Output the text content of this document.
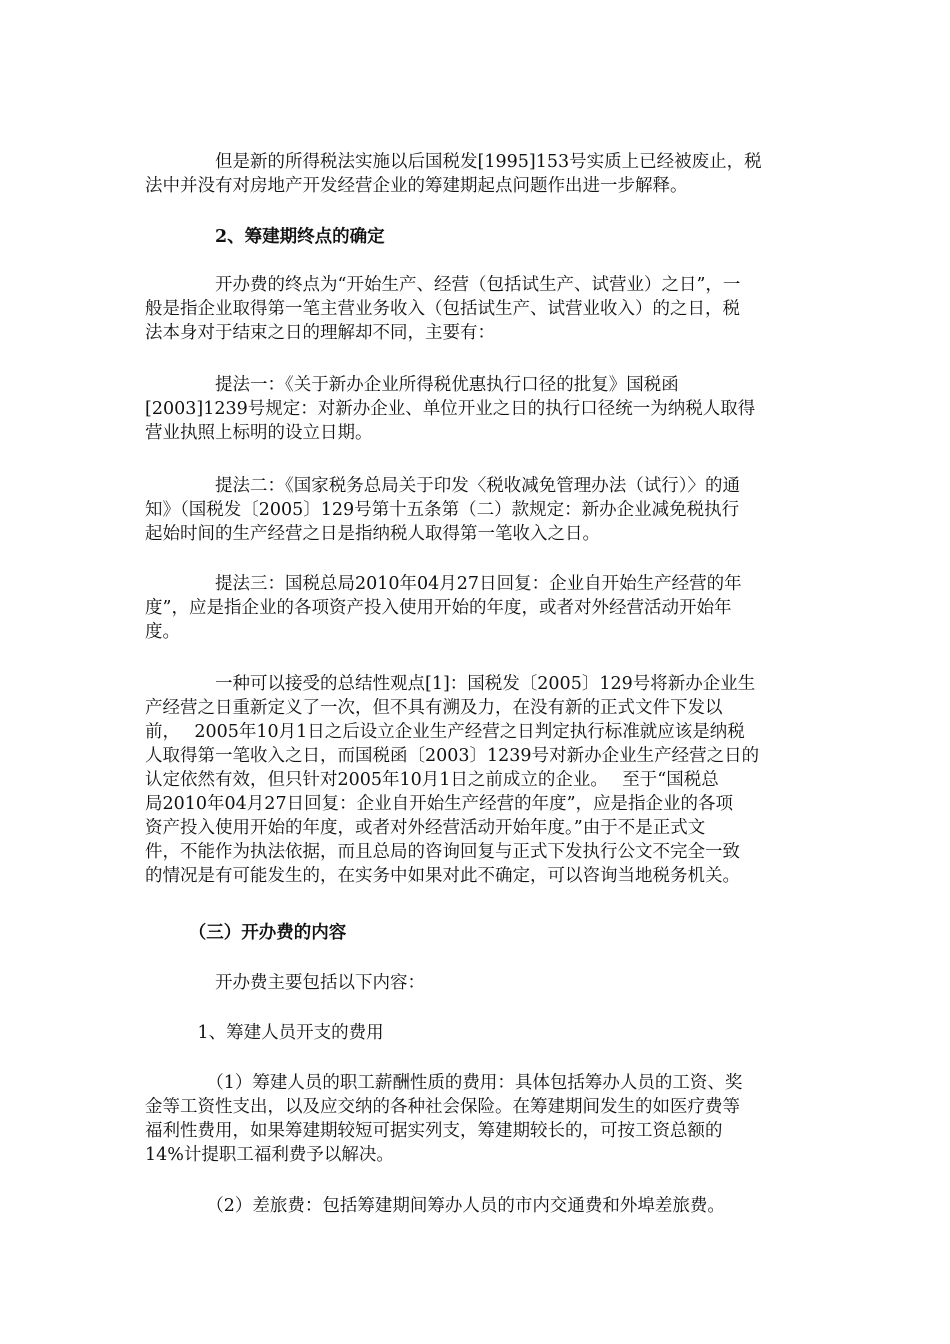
　　　　但是新的所得税法实施以后国税发[1995]153号实质上已经被废止，税
法中并没有对房地产开发经营企业的筹建期起点问题作出进一步解释。
　　　　2、筹建期终点的确定
　　　　开办费的终点为“开始生产、经营（包括试生产、试营业）之日”，一
般是指企业取得第一笔主营业务收入（包括试生产、试营业收入）的之日，税
法本身对于结束之日的理解却不同，主要有：
　　　　提法一：《关于新办企业所得税优惠执行口径的批复》国税函
[2003]1239号规定：对新办企业、单位开业之日的执行口径统一为纳税人取得
营业执照上标明的设立日期。
　　　　提法二：《国家税务总局关于印发〈税收减免管理办法（试行）〉的通
知》（国税发〔2005〕129号第十五条第（二）款规定：新办企业减免税执行
起始时间的生产经营之日是指纳税人取得第一笔收入之日。
　　　　提法三：国税总局2010年04月27日回复：企业自开始生产经营的年
度”，应是指企业的各项资产投入使用开始的年度，或者对外经营活动开始年
度。
　　　　一种可以接受的总结性观点[1]：国税发〔2005〕129号将新办企业生
产经营之日重新定义了一次，但不具有溯及力，在没有新的正式文件下发以
前，　 2005年10月1日之后设立企业生产经营之日判定执行标准就应该是纳税
人取得第一笔收入之日，而国税函〔2003〕1239号对新办企业生产经营之日的
认定依然有效，但只针对2005年10月1日之前成立的企业。　 至于“国税总
局2010年04月27日回复：企业自开始生产经营的年度”，应是指企业的各项
资产投入使用开始的年度，或者对外经营活动开始年度。”由于不是正式文
件，不能作为执法依据，而且总局的咨询回复与正式下发执行公文不完全一致
的情况是有可能发生的，在实务中如果对此不确定，可以咨询当地税务机关。
　　　（三）开办费的内容
　　　　开办费主要包括以下内容：
　　　1、筹建人员开支的费用
　　　　（1）筹建人员的职工薪酬性质的费用：具体包括筹办人员的工资、奖
金等工资性支出，以及应交纳的各种社会保险。在筹建期间发生的如医疗费等
福利性费用，如果筹建期较短可据实列支，筹建期较长的，可按工资总额的
14%计提职工福利费予以解决。
　　　　（2）差旅费：包括筹建期间筹办人员的市内交通费和外埠差旅费。
